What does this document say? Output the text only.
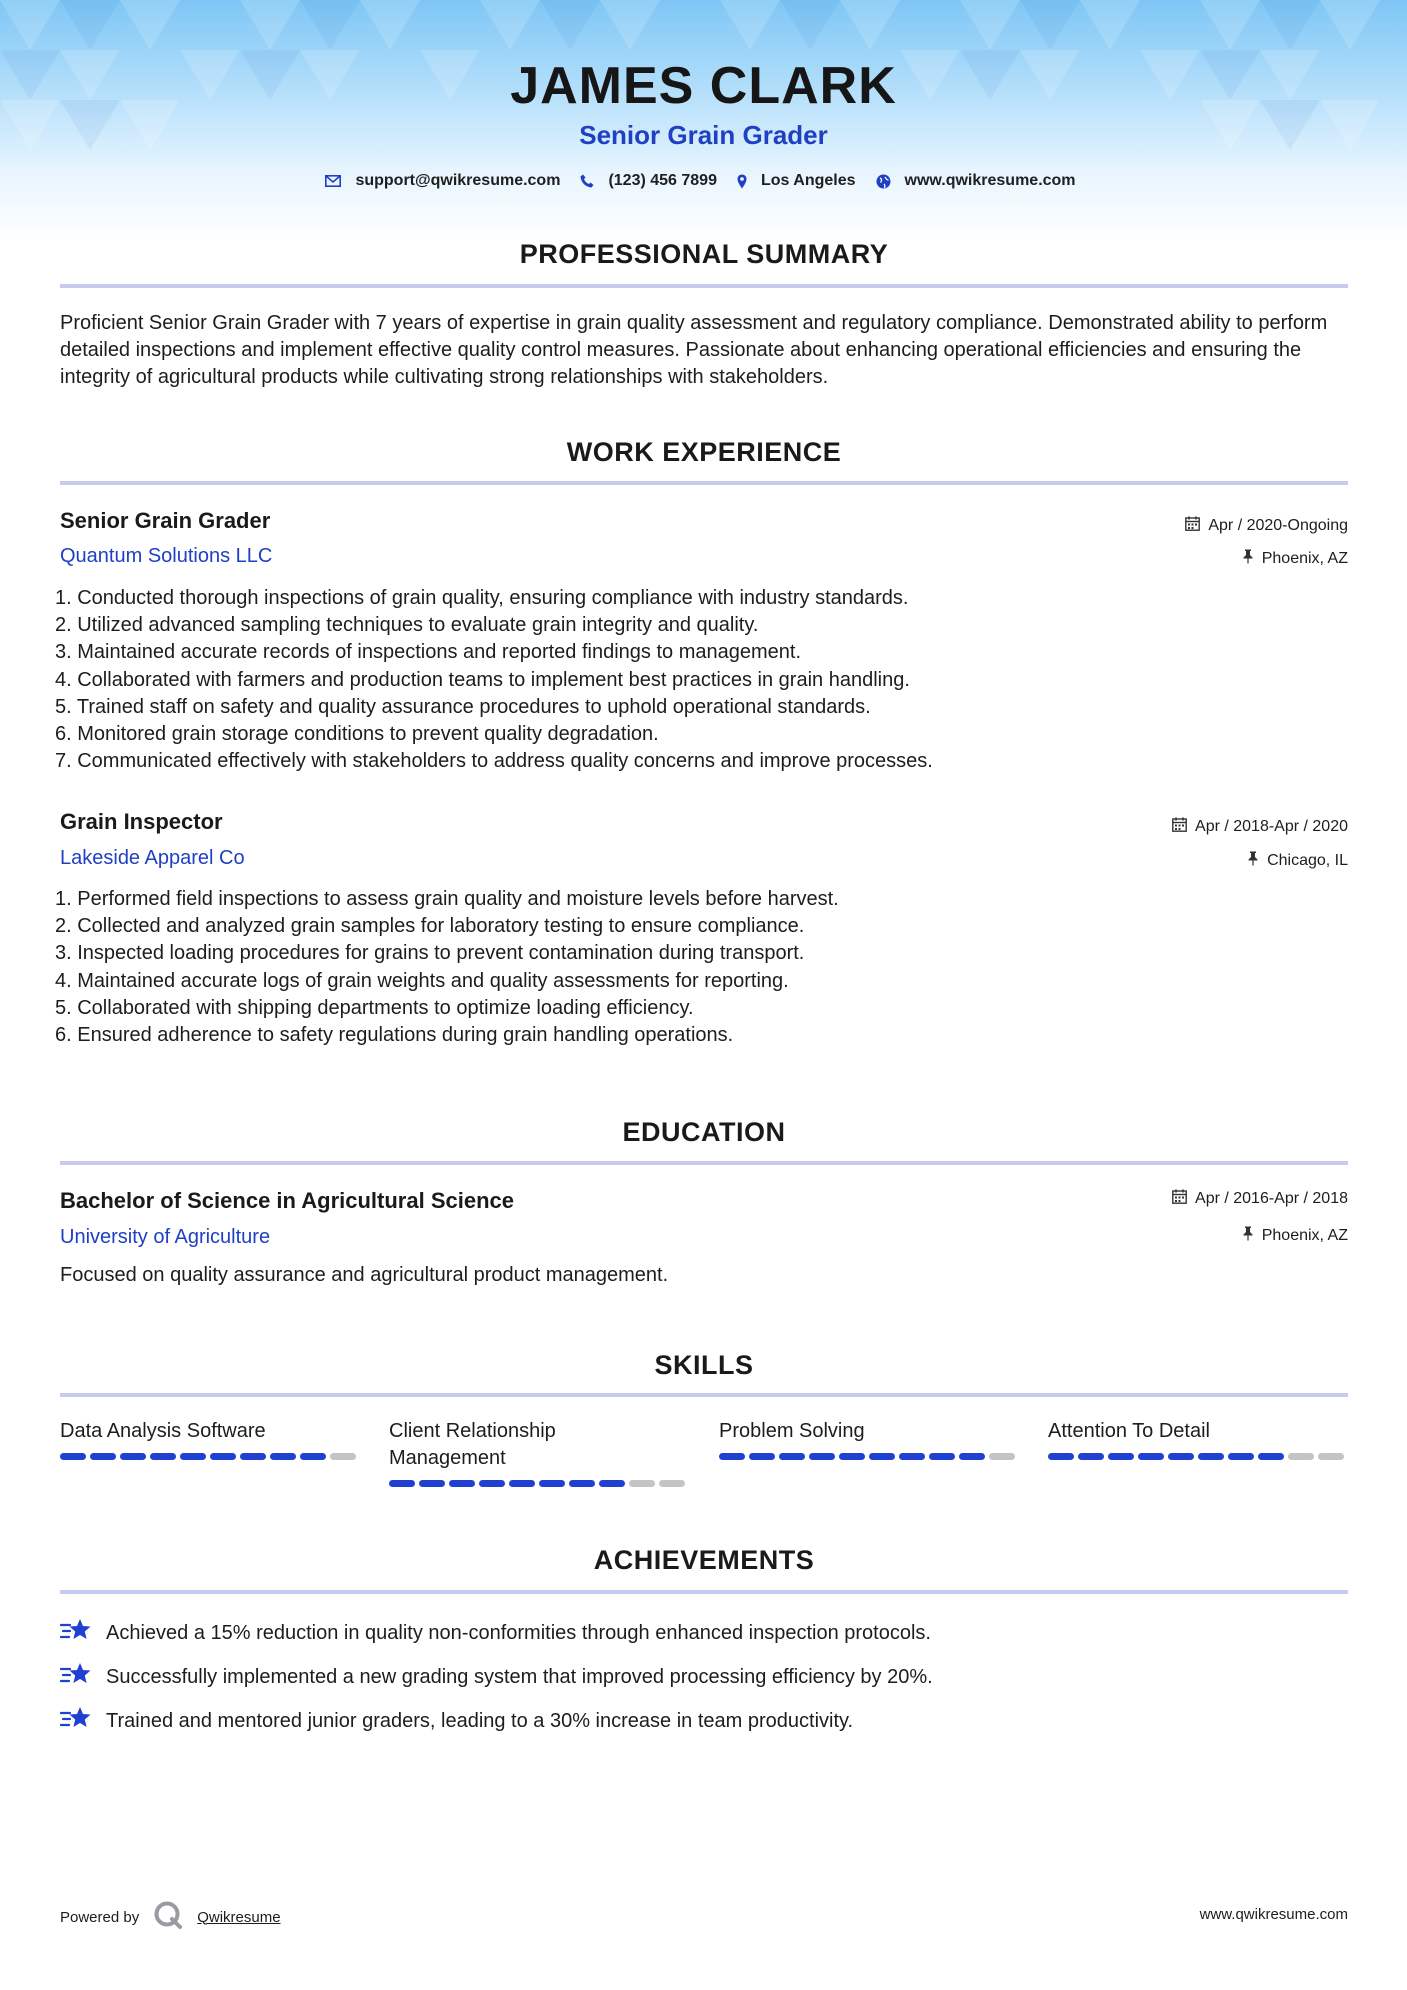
JAMES CLARK
Senior Grain Grader
support@qwikresume.com	(123) 456 7899	Los Angeles	www.qwikresume.com
PROFESSIONAL SUMMARY
Proficient Senior Grain Grader with 7 years of expertise in grain quality assessment and regulatory compliance. Demonstrated ability to perform detailed inspections and implement effective quality control measures. Passionate about enhancing operational efficiencies and ensuring the integrity of agricultural products while cultivating strong relationships with stakeholders.
WORK EXPERIENCE
Senior Grain Grader
Quantum Solutions LLC
Apr / 2020-Ongoing
Phoenix, AZ
1. Conducted thorough inspections of grain quality, ensuring compliance with industry standards.
2. Utilized advanced sampling techniques to evaluate grain integrity and quality.
3. Maintained accurate records of inspections and reported findings to management.
4. Collaborated with farmers and production teams to implement best practices in grain handling.
5. Trained staff on safety and quality assurance procedures to uphold operational standards.
6. Monitored grain storage conditions to prevent quality degradation.
7. Communicated effectively with stakeholders to address quality concerns and improve processes.
Grain Inspector
Lakeside Apparel Co
Apr / 2018-Apr / 2020
Chicago, IL
1. Performed field inspections to assess grain quality and moisture levels before harvest.
2. Collected and analyzed grain samples for laboratory testing to ensure compliance.
3. Inspected loading procedures for grains to prevent contamination during transport.
4. Maintained accurate logs of grain weights and quality assessments for reporting.
5. Collaborated with shipping departments to optimize loading efficiency.
6. Ensured adherence to safety regulations during grain handling operations.
EDUCATION
Bachelor of Science in Agricultural Science
University of Agriculture
Apr / 2016-Apr / 2018
Phoenix, AZ
Focused on quality assurance and agricultural product management.
SKILLS
Data Analysis Software	Client Relationship Management
Problem Solving	Attention To Detail
ACHIEVEMENTS
Achieved a 15% reduction in quality non-conformities through enhanced inspection protocols.
Successfully implemented a new grading system that improved processing efficiency by 20%.
Trained and mentored junior graders, leading to a 30% increase in team productivity.
Powered by	Qwikresume	www.qwikresume.com
